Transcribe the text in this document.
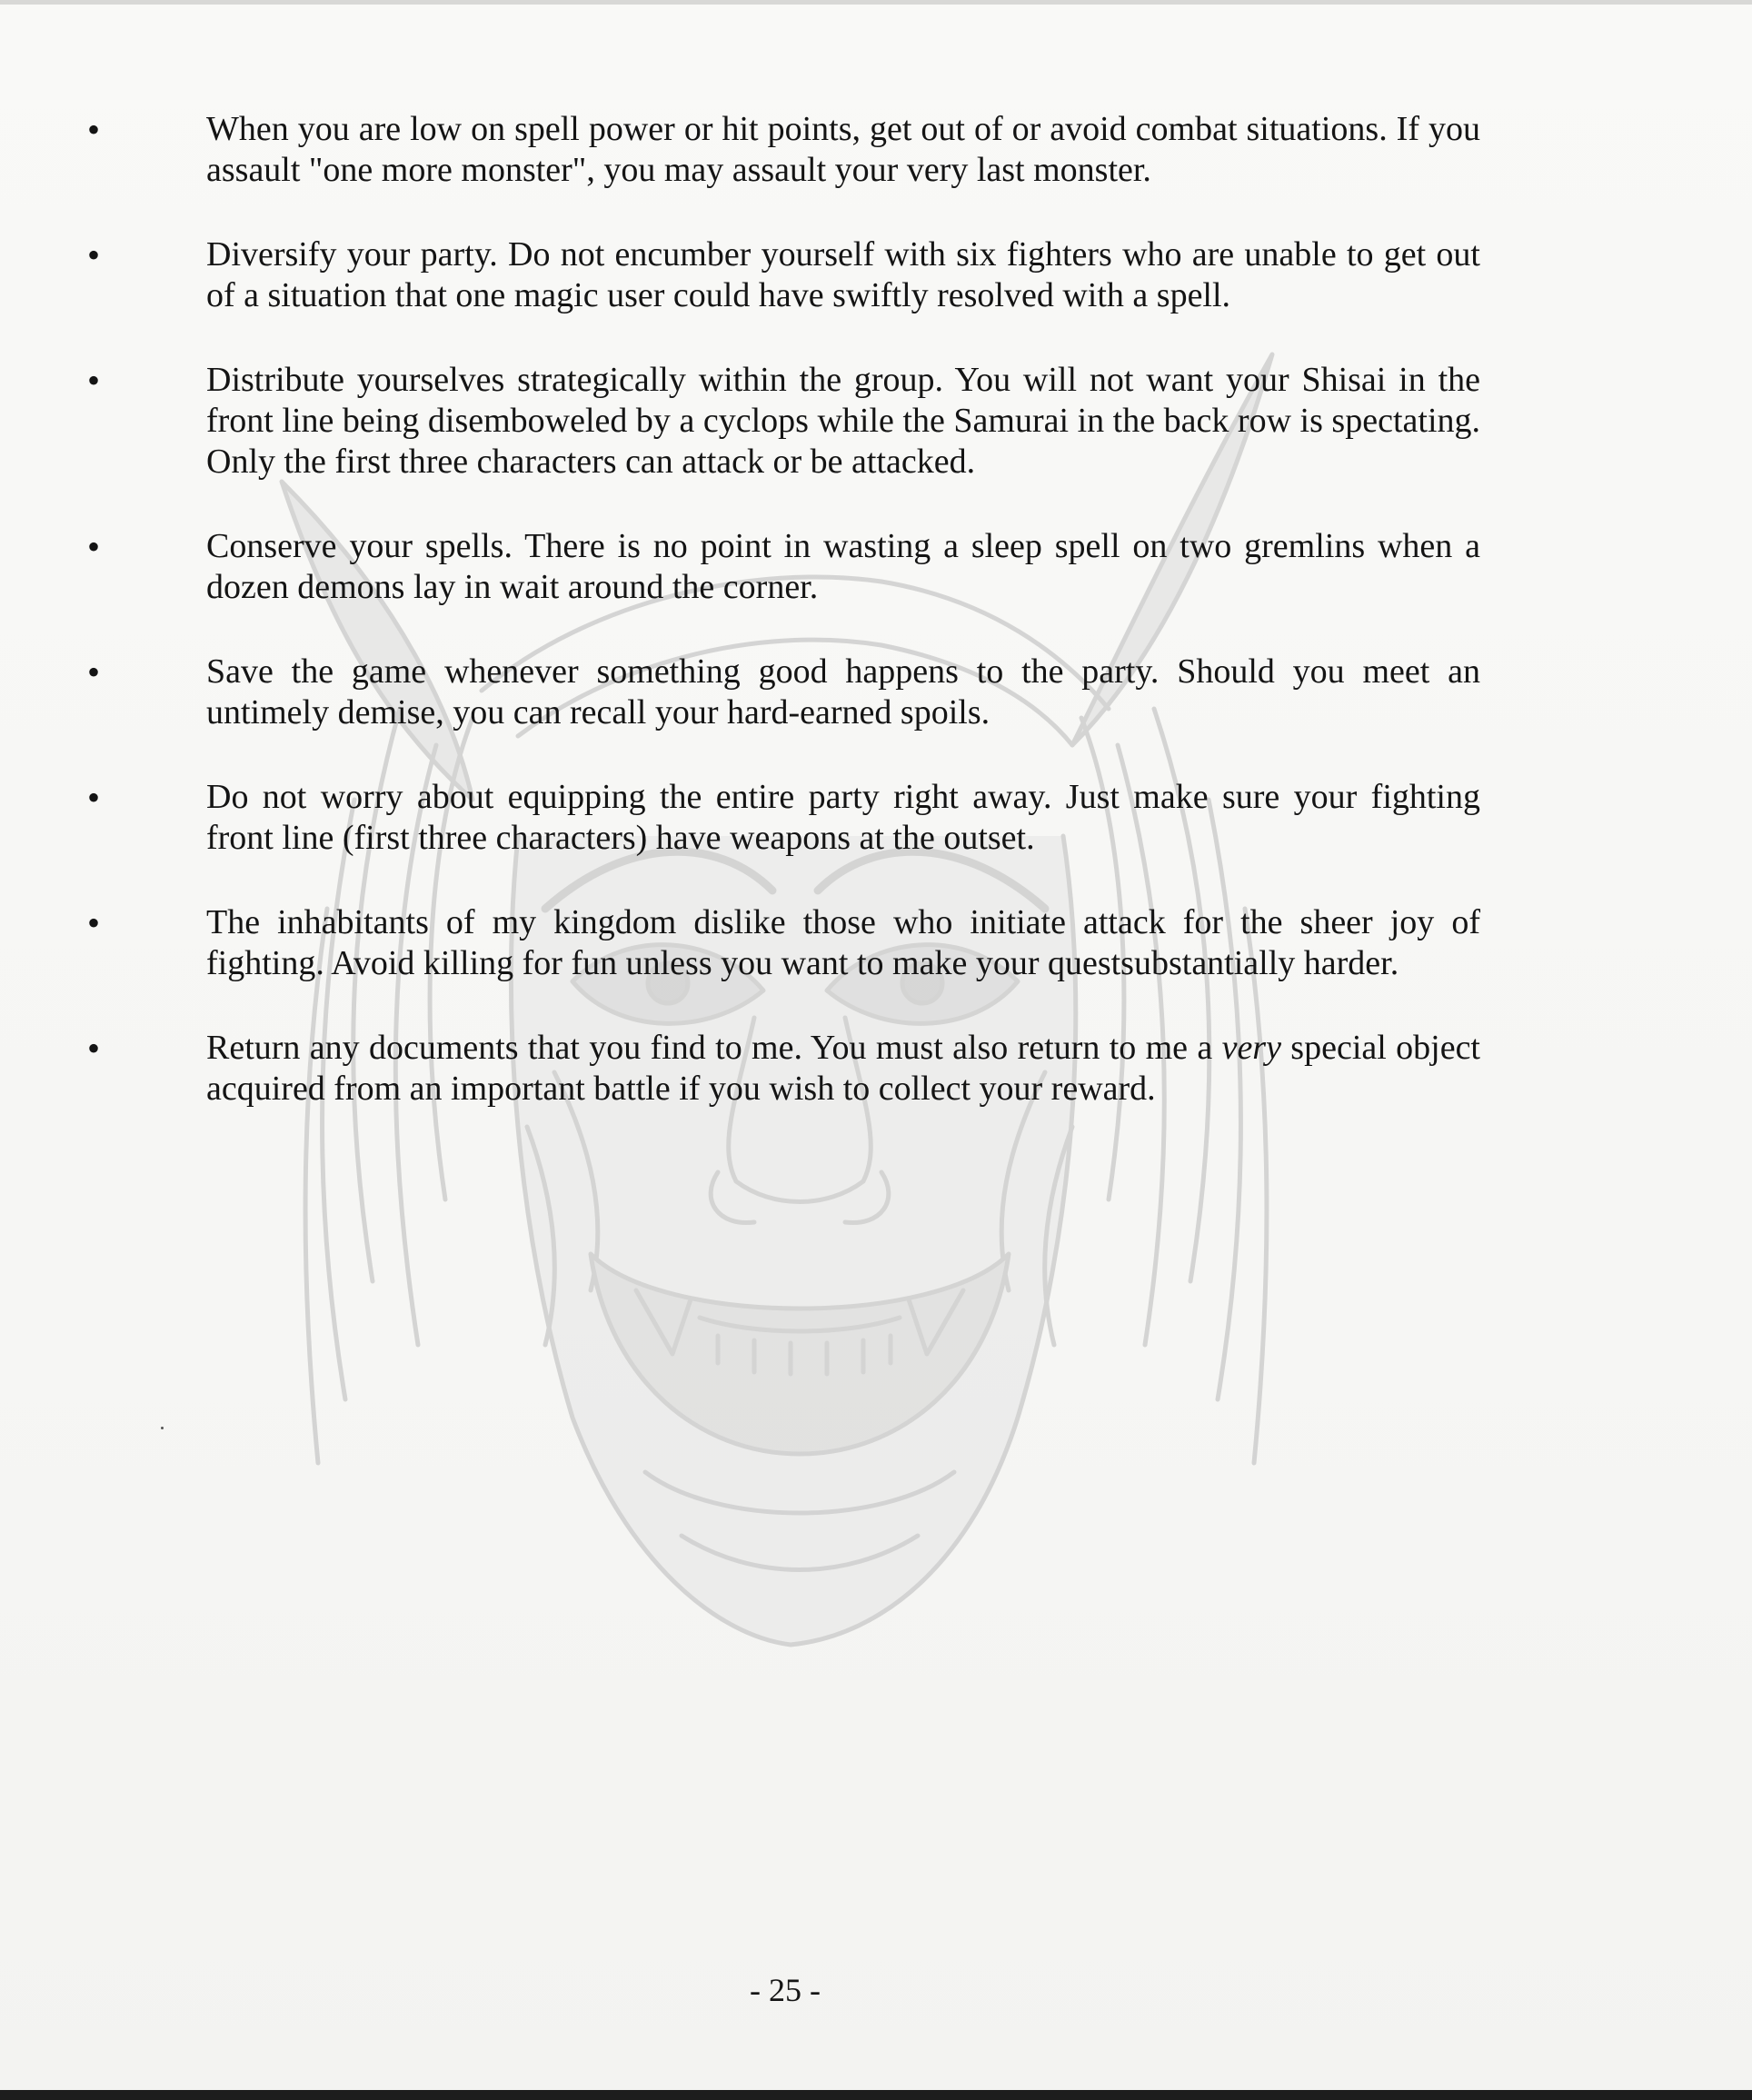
•	When you are low on spell power or hit points, get out of or avoid combat situations. If you assault "one more monster", you may assault your very last monster.

•	Diversify your party. Do not encumber yourself with six fighters who are unable to get out of a situation that one magic user could have swiftly resolved with a spell.

•	Distribute yourselves strategically within the group. You will not want your Shisai in the front line being disemboweled by a cyclops while the Samurai in the back row is spectating. Only the first three characters can attack or be attacked.

•	Conserve your spells. There is no point in wasting a sleep spell on two gremlins when a dozen demons lay in wait around the corner.

•	Save the game whenever something good happens to the party. Should you meet an untimely demise, you can recall your hard-earned spoils.

•	Do not worry about equipping the entire party right away. Just make sure your fighting front line (first three characters) have weapons at the outset.

•	The inhabitants of my kingdom dislike those who initiate attack for the sheer joy of fighting. Avoid killing for fun unless you want to make your questsubstantially harder.

•	Return any documents that you find to me. You must also return to me a very special object acquired from an important battle if you wish to collect your reward.

- 25 -
